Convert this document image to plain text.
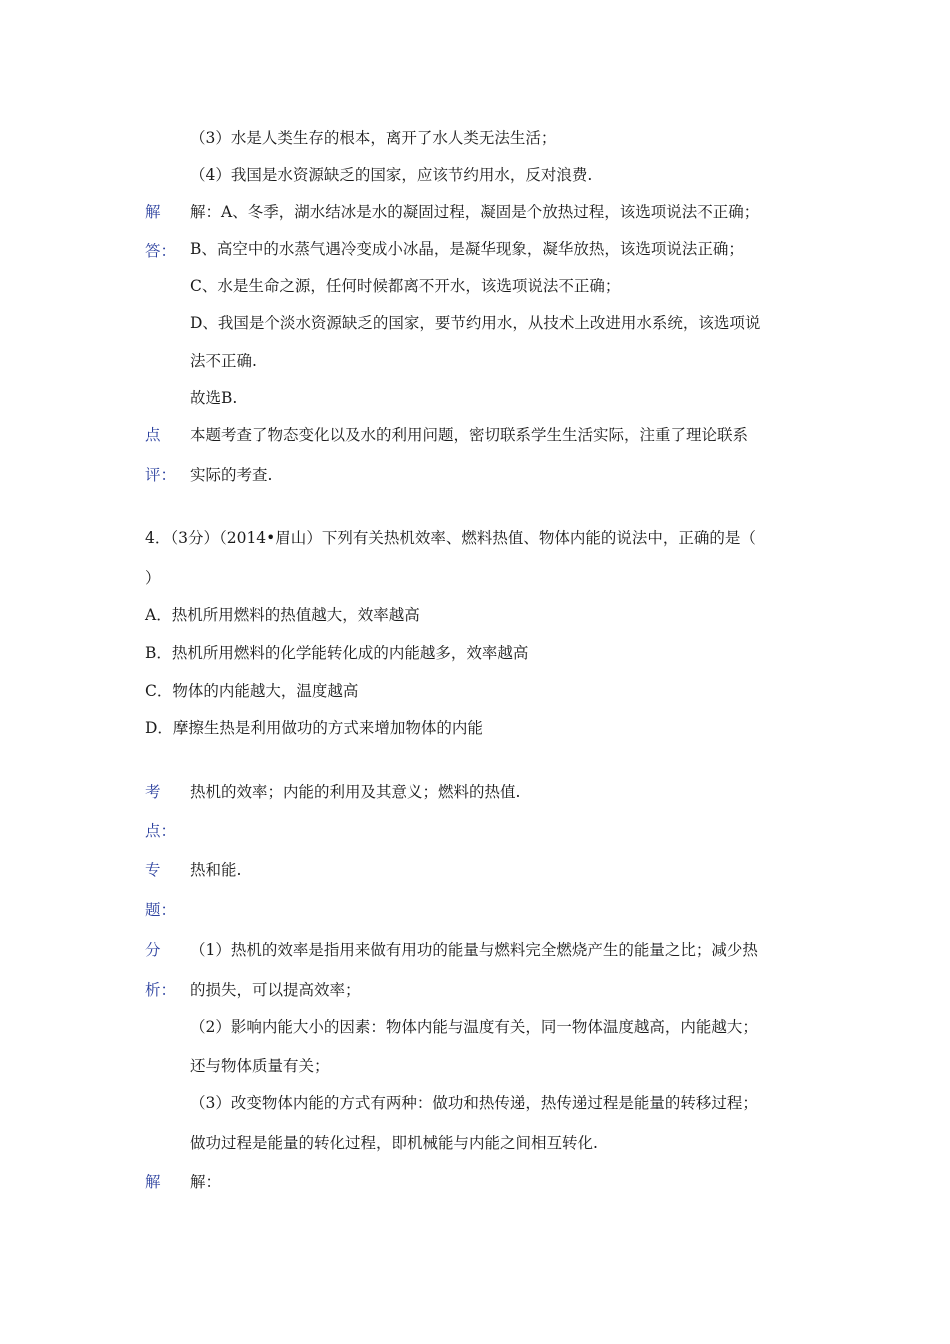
（3）水是人类生存的根本，离开了水人类无法生活；
（4）我国是水资源缺乏的国家，应该节约用水，反对浪费.
解
答：
解：A、冬季，湖水结冰是水的凝固过程，凝固是个放热过程，该选项说法不正确；
B、高空中的水蒸气遇冷变成小冰晶，是凝华现象，凝华放热，该选项说法正确；
C、水是生命之源，任何时候都离不开水，该选项说法不正确；
D、我国是个淡水资源缺乏的国家，要节约用水，从技术上改进用水系统，该选项说
法不正确.
故选B.
点
评：
本题考查了物态变化以及水的利用问题，密切联系学生生活实际，注重了理论联系
实际的考查.
4．（3分）（2014•眉山）下列有关热机效率、燃料热值、物体内能的说法中，正确的是（
）
A．热机所用燃料的热值越大，效率越高
B．热机所用燃料的化学能转化成的内能越多，效率越高
C．物体的内能越大，温度越高
D．摩擦生热是利用做功的方式来增加物体的内能
考
点：
热机的效率；内能的利用及其意义；燃料的热值.
专
题：
热和能.
分
析：
（1）热机的效率是指用来做有用功的能量与燃料完全燃烧产生的能量之比；减少热
的损失，可以提高效率；
（2）影响内能大小的因素：物体内能与温度有关，同一物体温度越高，内能越大；
还与物体质量有关；
（3）改变物体内能的方式有两种：做功和热传递，热传递过程是能量的转移过程；
做功过程是能量的转化过程，即机械能与内能之间相互转化.
解 解：
